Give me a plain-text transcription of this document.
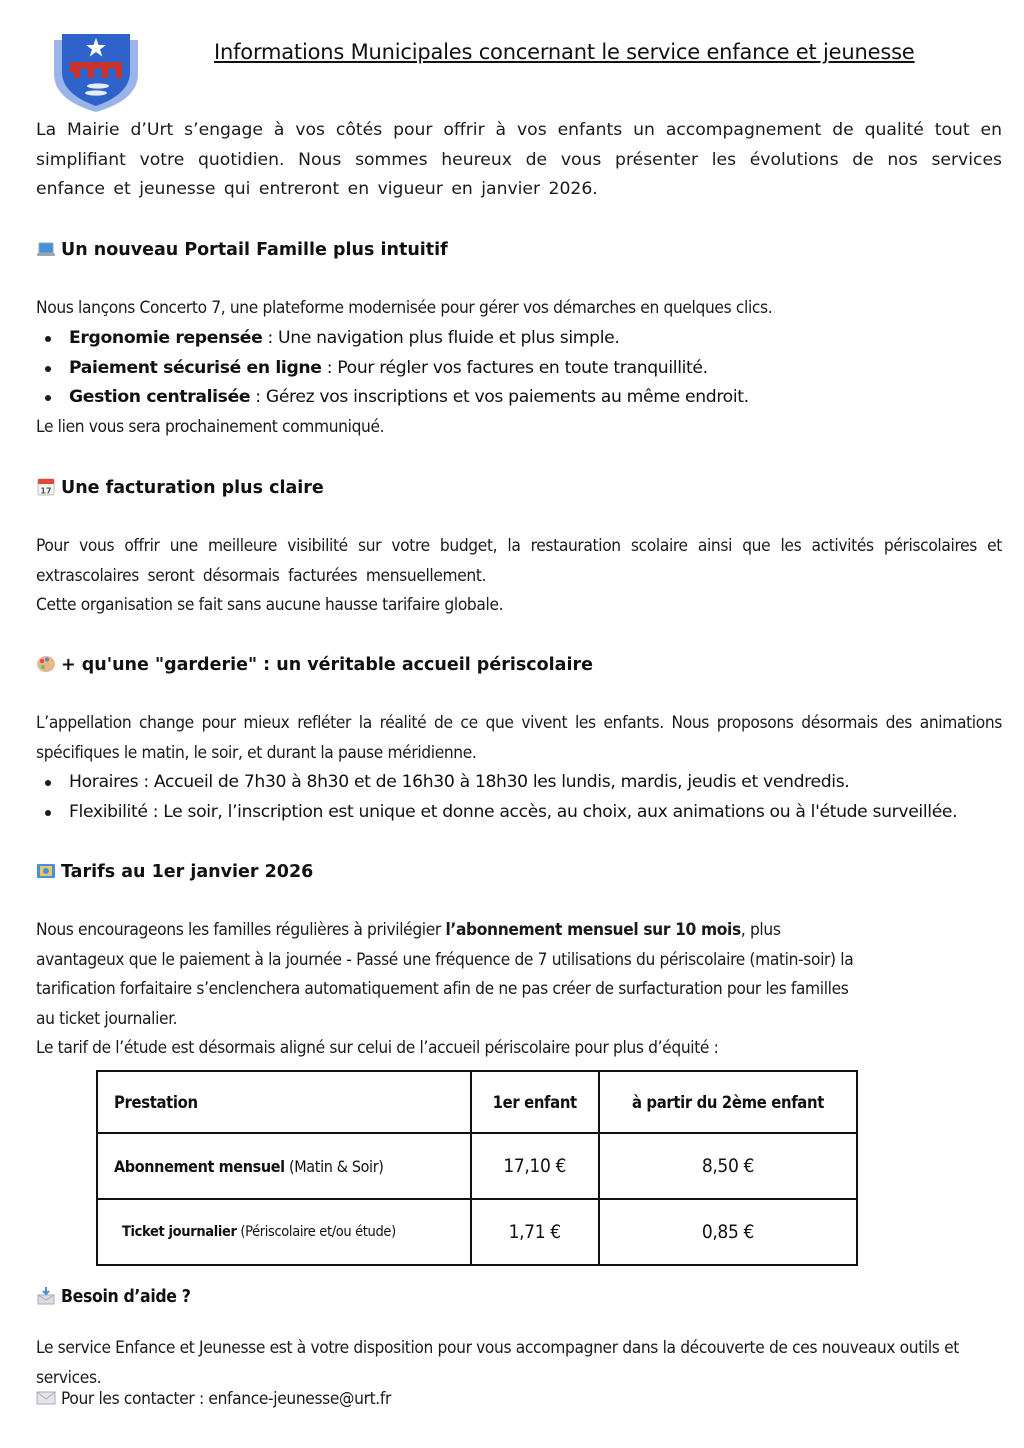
Informations Municipales concernant le service enfance et jeunesse
La Mairie d’Urt s’engage à vos côtés pour offrir à vos enfants un accompagnement de qualité tout en simplifiant votre quotidien. Nous sommes heureux de vous présenter les évolutions de nos services enfance et jeunesse qui entreront en vigueur en janvier 2026.
Un nouveau Portail Famille plus intuitif
Nous lançons Concerto 7, une plateforme modernisée pour gérer vos démarches en quelques clics.
Ergonomie repensée : Une navigation plus fluide et plus simple.
Paiement sécurisé en ligne : Pour régler vos factures en toute tranquillité.
Gestion centralisée : Gérez vos inscriptions et vos paiements au même endroit.
Le lien vous sera prochainement communiqué.
17 Une facturation plus claire
Pour vous offrir une meilleure visibilité sur votre budget, la restauration scolaire ainsi que les activités périscolaires et extrascolaires seront désormais facturées mensuellement.
Cette organisation se fait sans aucune hausse tarifaire globale.
+ qu'une "garderie" : un véritable accueil périscolaire
L’appellation change pour mieux refléter la réalité de ce que vivent les enfants. Nous proposons désormais des animations spécifiques le matin, le soir, et durant la pause méridienne.
Horaires : Accueil de 7h30 à 8h30 et de 16h30 à 18h30 les lundis, mardis, jeudis et vendredis.
Flexibilité : Le soir, l’inscription est unique et donne accès, au choix, aux animations ou à l'étude surveillée.
Tarifs au 1er janvier 2026
Nous encourageons les familles régulières à privilégier l’abonnement mensuel sur 10 mois, plus
avantageux que le paiement à la journée - Passé une fréquence de 7 utilisations du périscolaire (matin-soir) la
tarification forfaitaire s’enclenchera automatiquement afin de ne pas créer de surfacturation pour les familles
au ticket journalier.
Le tarif de l’étude est désormais aligné sur celui de l’accueil périscolaire pour plus d’équité :
Prestation	1er enfant	à partir du 2ème enfant
Abonnement mensuel (Matin & Soir)	17,10 €	8,50 €
Ticket journalier (Périscolaire et/ou étude)	1,71 €	0,85 €
Besoin d’aide ?
Le service Enfance et Jeunesse est à votre disposition pour vous accompagner dans la découverte de ces nouveaux outils et services.
Pour les contacter : enfance-jeunesse@urt.fr
